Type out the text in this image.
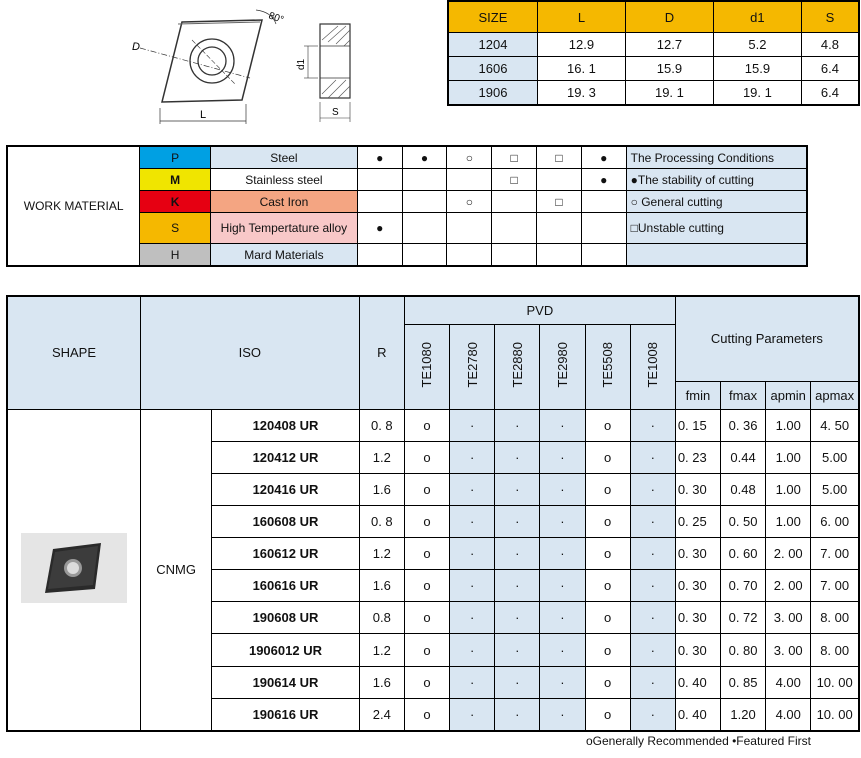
L
D
80°
d1
S
SIZE	L	D	d1	S
1204	12.9	12.7	5.2	4.8
1606	16. 1	15.9	15.9	6.4
1906	19. 3	19. 1	19. 1	6.4
WORK MATERIAL	P	Steel	●	●	○	□	□	●	The Processing Conditions
	M	Stainless steel				□		●	●The stability of cutting
	K	Cast Iron			○		□		○ General cutting
	S	High Tempertature alloy	●						□Unstable cutting
	H	Mard Materials							
SHAPE	ISO		R	PVD						Cutting Parameters			
				TE1080	TE2780	TE2880	TE2980	TE5508	TE1008				
										fmin	fmax	apmin	apmax
	CNMG	120408 UR	0. 8	o	·	·	·	o	·	0. 15	0. 36	1.00	4. 50
		120412 UR	1.2	o	·	·	·	o	·	0. 23	0.44	1.00	5.00
		120416 UR	1.6	o	·	·	·	o	·	0. 30	0.48	1.00	5.00
		160608 UR	0. 8	o	·	·	·	o	·	0. 25	0. 50	1.00	6. 00
		160612 UR	1.2	o	·	·	·	o	·	0. 30	0. 60	2. 00	7. 00
		160616 UR	1.6	o	·	·	·	o	·	0. 30	0. 70	2. 00	7. 00
		190608 UR	0.8	o	·	·	·	o	·	0. 30	0. 72	3. 00	8. 00
		1906012 UR	1.2	o	·	·	·	o	·	0. 30	0. 80	3. 00	8. 00
		190614 UR	1.6	o	·	·	·	o	·	0. 40	0. 85	4.00	10. 00
		190616 UR	2.4	o	·	·	·	o	·	0. 40	1.20	4.00	10. 00
oGenerally Recommended •Featured First
